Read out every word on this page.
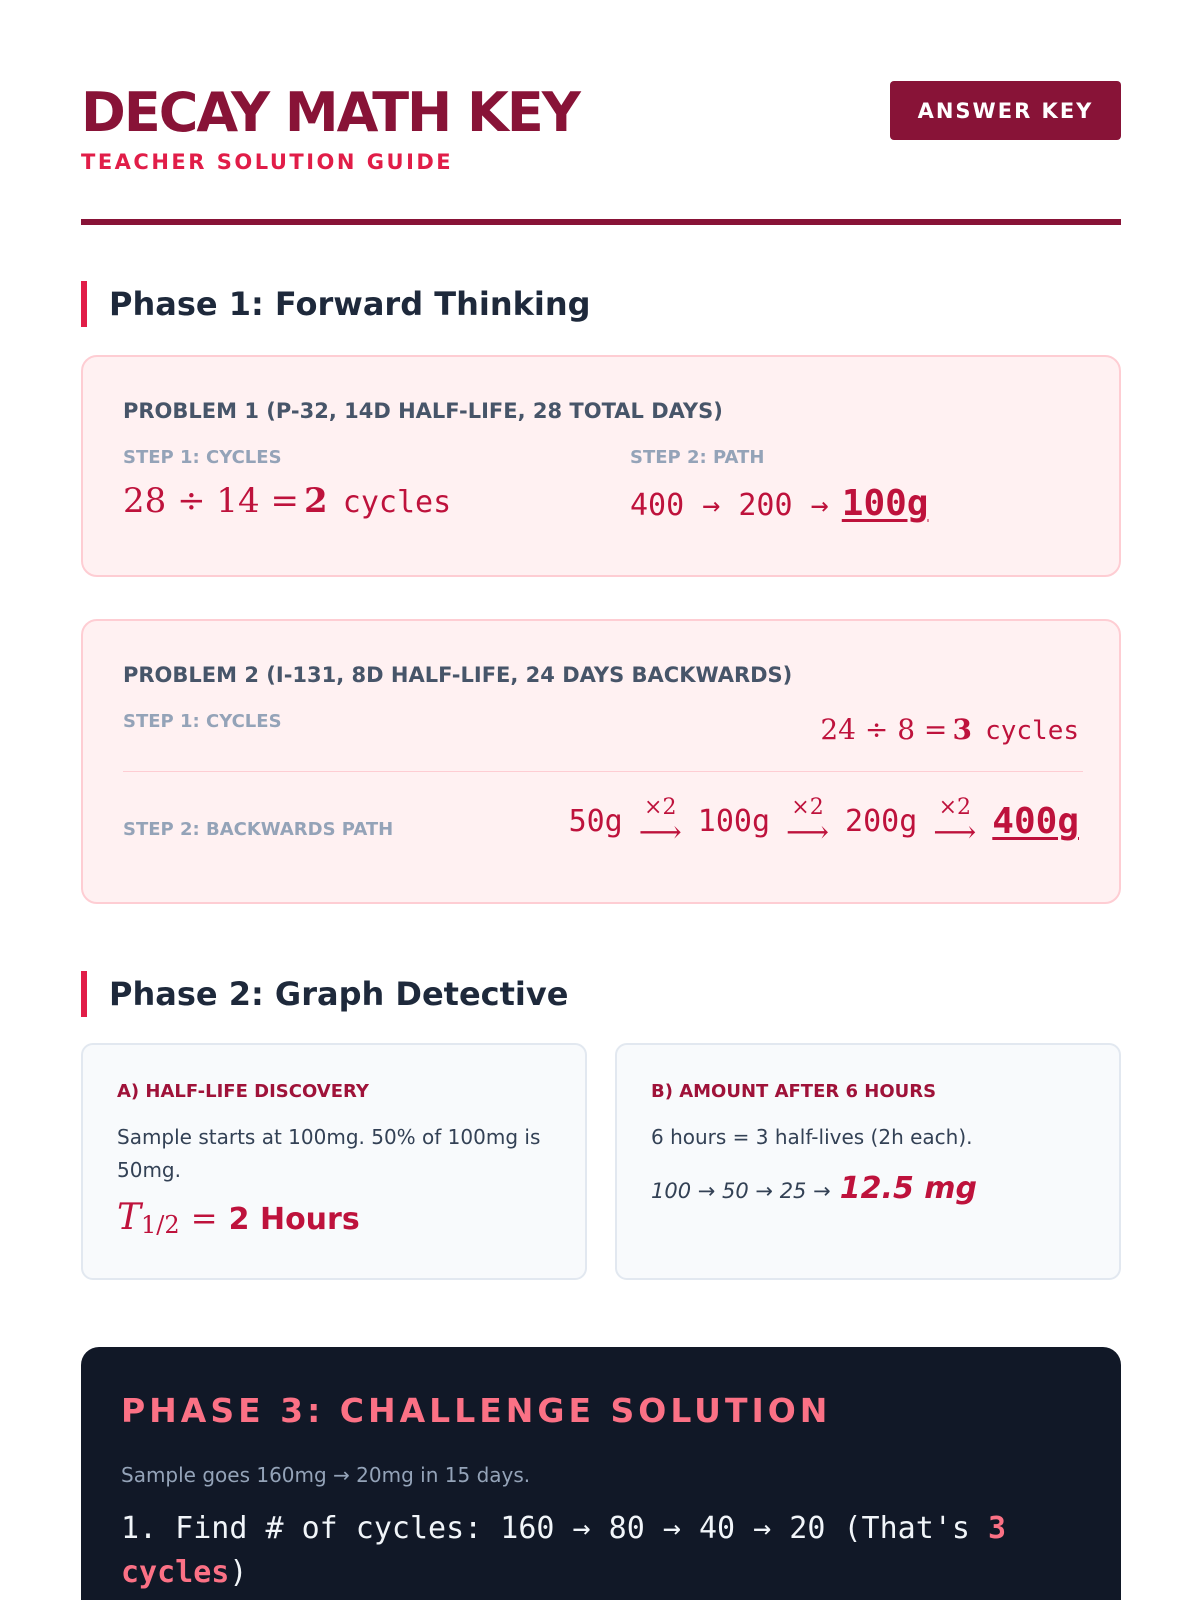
DECAY MATH KEY
TEACHER SOLUTION GUIDE
ANSWER KEY
Phase 1: Forward Thinking
PROBLEM 1 (P-32, 14D HALF-LIFE, 28 TOTAL DAYS)
STEP 1: CYCLES
28 ÷ 14 = 2 cycles
STEP 2: PATH
400 → 200 → 100g
PROBLEM 2 (I-131, 8D HALF-LIFE, 24 DAYS BACKWARDS)
STEP 1: CYCLES	24 ÷ 8 = 3 cycles
STEP 2: BACKWARDS PATH	50g ×2
⟶ 100g ×2
⟶ 200g ×2
⟶ 400g
Phase 2: Graph Detective
A) HALF-LIFE DISCOVERY
Sample starts at 100mg. 50% of 100mg is 50mg.
$T_{1/2} = 2$ Hours
B) AMOUNT AFTER 6 HOURS
6 hours = 3 half-lives (2h each).
100 → 50 → 25 → 12.5 mg
PHASE 3: CHALLENGE SOLUTION
Sample goes 160mg → 20mg in 15 days.
1. Find # of cycles: 160 → 80 → 40 → 20 (That's 3 cycles)
